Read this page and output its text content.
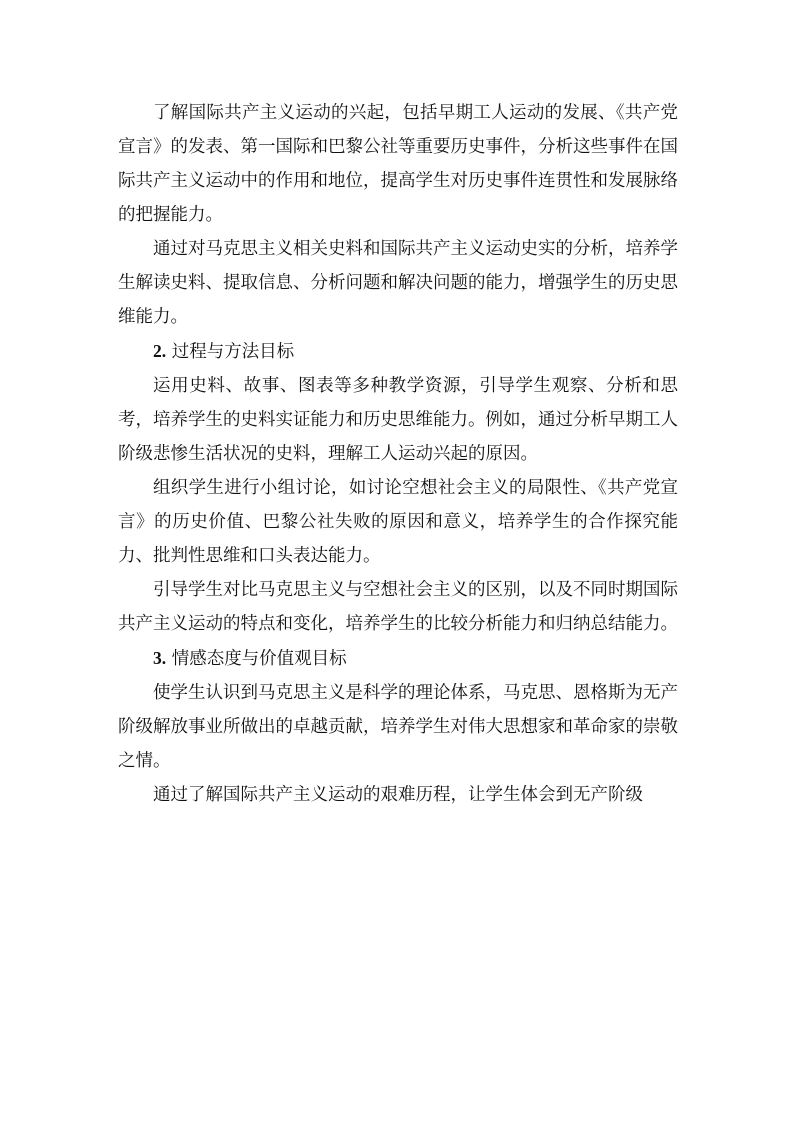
了解国际共产主义运动的兴起，包括早期工人运动的发展、《共产党宣言》的发表、第一国际和巴黎公社等重要历史事件，分析这些事件在国际共产主义运动中的作用和地位，提高学生对历史事件连贯性和发展脉络的把握能力。

通过对马克思主义相关史料和国际共产主义运动史实的分析，培养学生解读史料、提取信息、分析问题和解决问题的能力，增强学生的历史思维能力。

2. 过程与方法目标

运用史料、故事、图表等多种教学资源，引导学生观察、分析和思考，培养学生的史料实证能力和历史思维能力。例如，通过分析早期工人阶级悲惨生活状况的史料，理解工人运动兴起的原因。

组织学生进行小组讨论，如讨论空想社会主义的局限性、《共产党宣言》的历史价值、巴黎公社失败的原因和意义，培养学生的合作探究能力、批判性思维和口头表达能力。

引导学生对比马克思主义与空想社会主义的区别，以及不同时期国际共产主义运动的特点和变化，培养学生的比较分析能力和归纳总结能力。

3. 情感态度与价值观目标

使学生认识到马克思主义是科学的理论体系，马克思、恩格斯为无产阶级解放事业所做出的卓越贡献，培养学生对伟大思想家和革命家的崇敬之情。

通过了解国际共产主义运动的艰难历程，让学生体会到无产阶级
